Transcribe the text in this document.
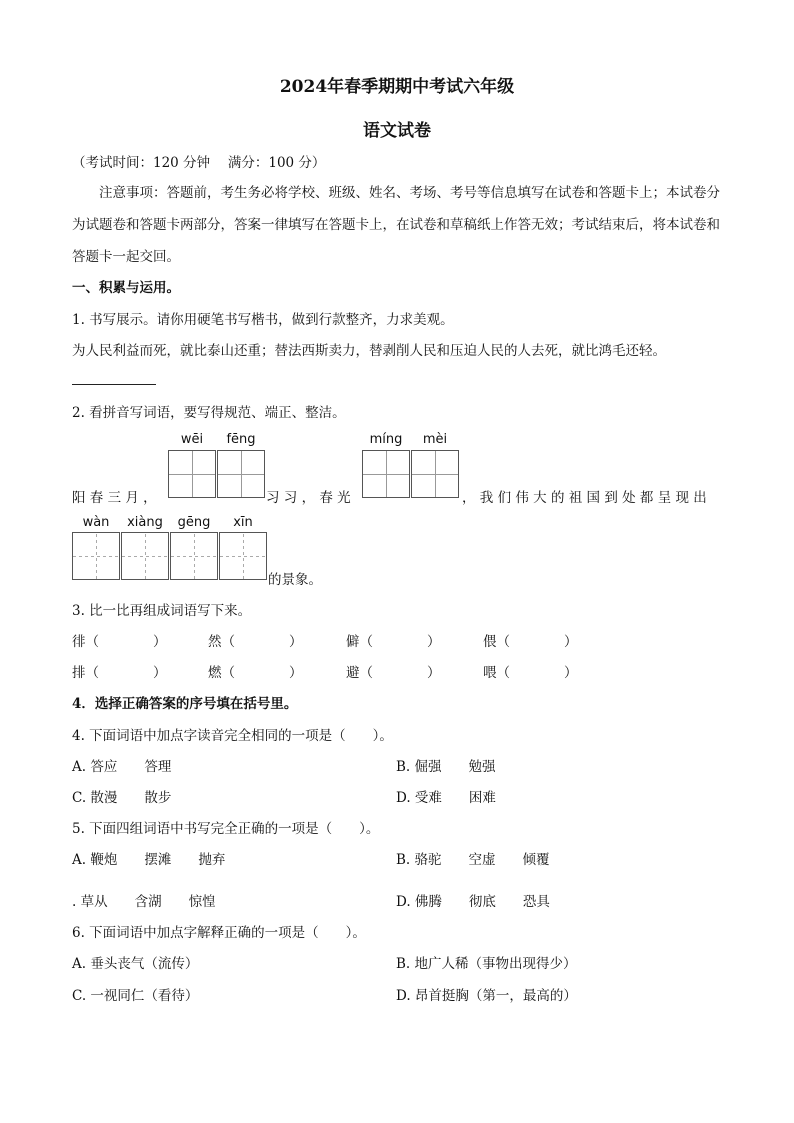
2024年春季期期中考试六年级
语文试卷
（考试时间：120 分钟　 满分：100 分）
注意事项：答题前，考生务必将学校、班级、姓名、考场、考号等信息填写在试卷和答题卡上；本试卷分为试题卷和答题卡两部分，答案一律填写在答题卡上，在试卷和草稿纸上作答无效；考试结束后，将本试卷和答题卡一起交回。
一、积累与运用。
1. 书写展示。请你用硬笔书写楷书，做到行款整齐，力求美观。
为人民利益而死，就比泰山还重；替法西斯卖力，替剥削人民和压迫人民的人去死，就比鸿毛还轻。
2. 看拼音写词语，要写得规范、端正、整洁。
wēi	fēng	míng	mèi
阳 春 三 月 ，	习 习 ， 春 光	， 我 们 伟 大 的 祖 国 到 处 都 呈 现 出
wàn	xiàng	gēng	xīn
的景象。
3. 比一比再组成词语写下来。
徘（　　　　）	然（　　　　）	僻（　　　　）	偎（　　　　）
排（　　　　）	燃（　　　　）	避（　　　　）	喂（　　　　）
4．选择正确答案的序号填在括号里。
4. 下面词语中加点字读音完全相同的一项是（　　）。
A. 答应　　答理	B. 倔强　　勉强
C. 散漫　　散步	D. 受难　　困难
5. 下面四组词语中书写完全正确的一项是（　　）。
A. 鞭炮　　摆滩　　抛弃	B. 骆驼　　空虚　　倾覆
. 草从　　含湖　　惊惶	D. 佛腾　　彻底　　恐具
6. 下面词语中加点字解释正确的一项是（　　）。
A. 垂头丧气（流传）	B. 地广人稀（事物出现得少）
C. 一视同仁（看待）	D. 昂首挺胸（第一，最高的）
